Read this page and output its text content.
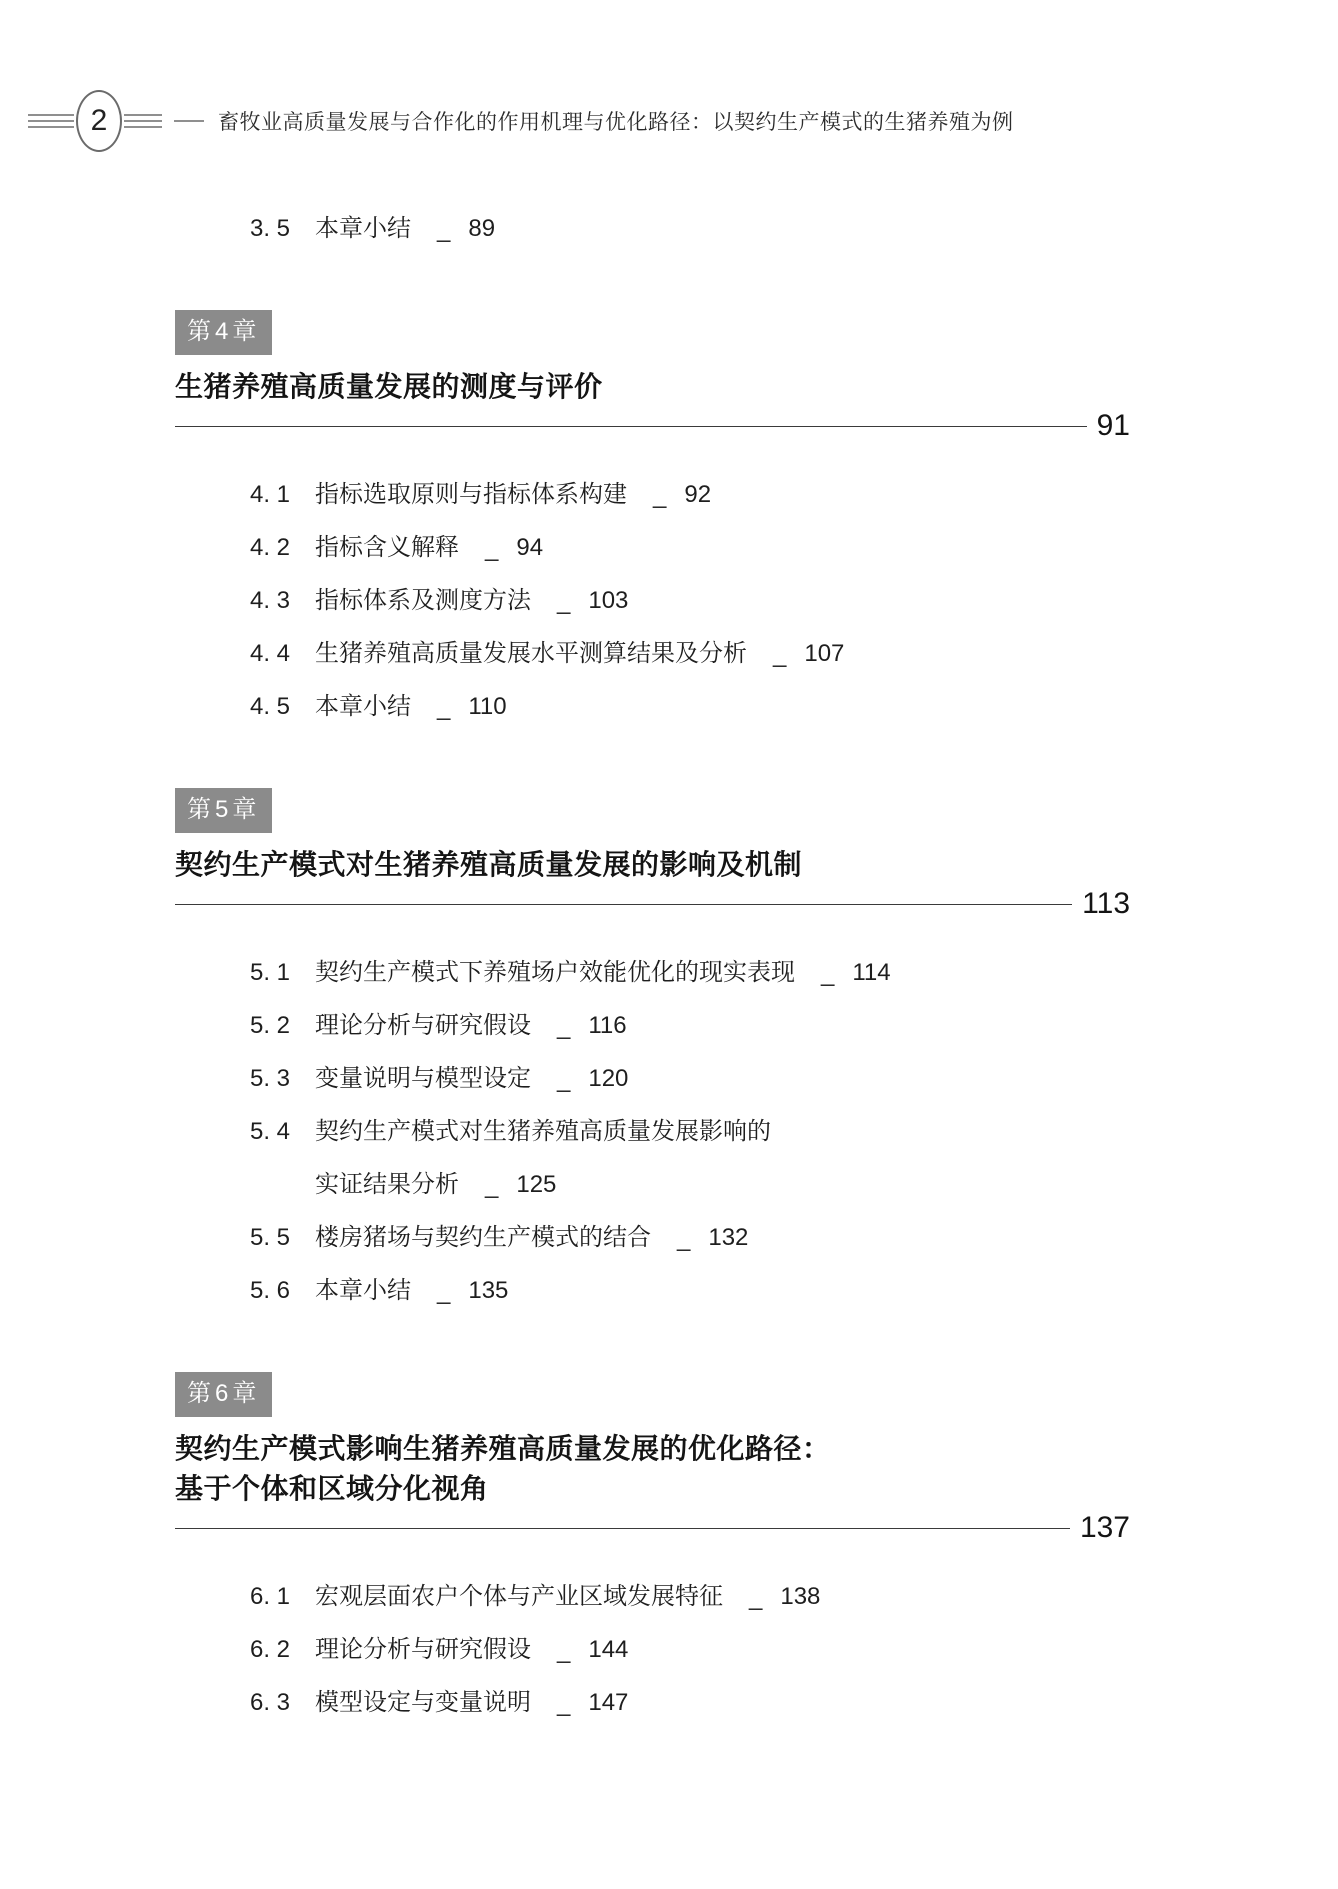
2	畜牧业高质量发展与合作化的作用机理与优化路径：以契约生产模式的生猪养殖为例
3. 5	本章小结 _ 89
第4章
生猪养殖高质量发展的测度与评价
91
4. 1	指标选取原则与指标体系构建 _ 92
4. 2	指标含义解释 _ 94
4. 3	指标体系及测度方法 _ 103
4. 4	生猪养殖高质量发展水平测算结果及分析 _ 107
4. 5	本章小结 _ 110
第5章
契约生产模式对生猪养殖高质量发展的影响及机制
113
5. 1	契约生产模式下养殖场户效能优化的现实表现 _ 114
5. 2	理论分析与研究假设 _ 116
5. 3	变量说明与模型设定 _ 120
5. 4	契约生产模式对生猪养殖高质量发展影响的
实证结果分析 _ 125
5. 5	楼房猪场与契约生产模式的结合 _ 132
5. 6	本章小结 _ 135
第6章
契约生产模式影响生猪养殖高质量发展的优化路径：
基于个体和区域分化视角
137
6. 1	宏观层面农户个体与产业区域发展特征 _ 138
6. 2	理论分析与研究假设 _ 144
6. 3	模型设定与变量说明 _ 147
